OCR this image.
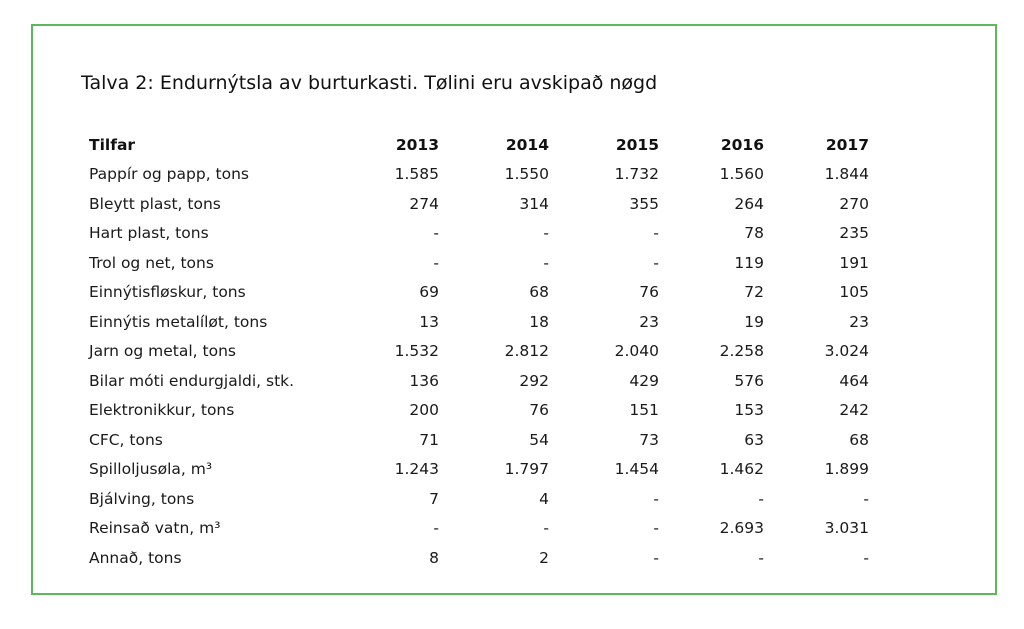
Talva 2: Endurnýtsla av burturkasti. Tølini eru avskipað nøgd
Tilfar	2013	2014	2015	2016	2017
Pappír og papp, tons	1.585	1.550	1.732	1.560	1.844
Bleytt plast, tons	274	314	355	264	270
Hart plast, tons	-	-	-	78	235
Trol og net, tons	-	-	-	119	191
Einnýtisfløskur, tons	69	68	76	72	105
Einnýtis metalíløt, tons	13	18	23	19	23
Jarn og metal, tons	1.532	2.812	2.040	2.258	3.024
Bilar móti endurgjaldi, stk.	136	292	429	576	464
Elektronikkur, tons	200	76	151	153	242
CFC, tons	71	54	73	63	68
Spilloljusøla, m³	1.243	1.797	1.454	1.462	1.899
Bjálving, tons	7	4	-	-	-
Reinsað vatn, m³	-	-	-	2.693	3.031
Annað, tons	8	2	-	-	-
